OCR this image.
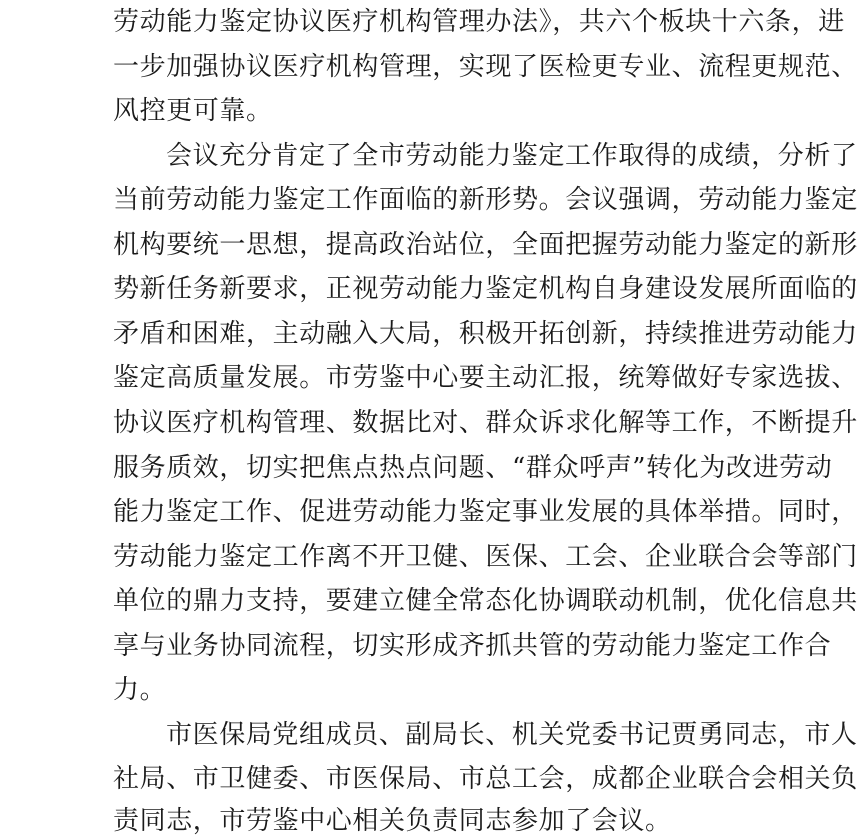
劳动能力鉴定协议医疗机构管理办法》，共六个板块十六条，进
一步加强协议医疗机构管理，实现了医检更专业、流程更规范、
风控更可靠。
会议充分肯定了全市劳动能力鉴定工作取得的成绩，分析了
当前劳动能力鉴定工作面临的新形势。会议强调，劳动能力鉴定
机构要统一思想，提高政治站位，全面把握劳动能力鉴定的新形
势新任务新要求，正视劳动能力鉴定机构自身建设发展所面临的
矛盾和困难，主动融入大局，积极开拓创新，持续推进劳动能力
鉴定高质量发展。市劳鉴中心要主动汇报，统筹做好专家选拔、
协议医疗机构管理、数据比对、群众诉求化解等工作，不断提升
服务质效，切实把焦点热点问题、“群众呼声”转化为改进劳动
能力鉴定工作、促进劳动能力鉴定事业发展的具体举措。同时，
劳动能力鉴定工作离不开卫健、医保、工会、企业联合会等部门
单位的鼎力支持，要建立健全常态化协调联动机制，优化信息共
享与业务协同流程，切实形成齐抓共管的劳动能力鉴定工作合
力。
市医保局党组成员、副局长、机关党委书记贾勇同志，市人
社局、市卫健委、市医保局、市总工会，成都企业联合会相关负
责同志，市劳鉴中心相关负责同志参加了会议。
